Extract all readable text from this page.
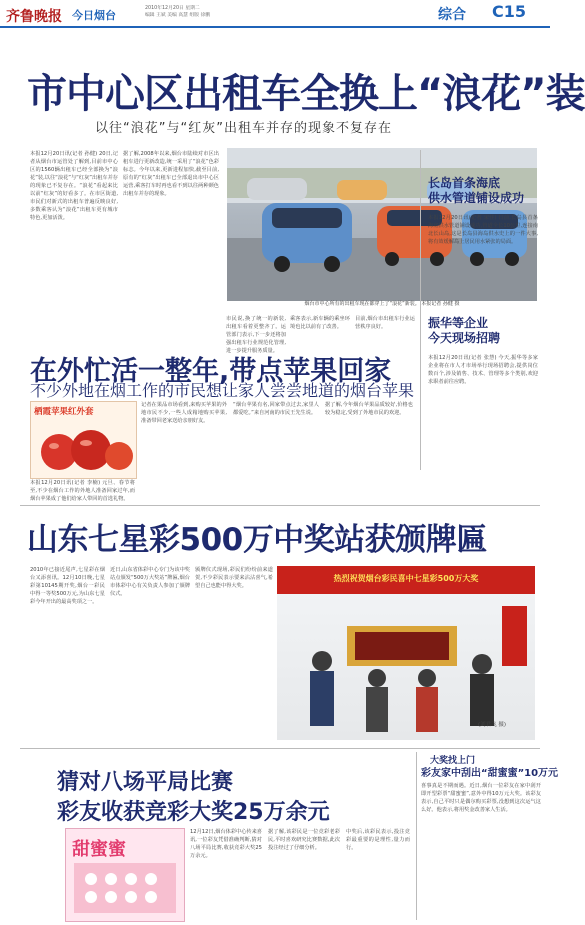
齐鲁晚报 今日烟台
2010年12月20日 星期二
编辑 王斌 美编 高慧 组版 徐鹏	综合 C15
市中心区出租车全换上“浪花”装
以往“浪花”与“红灰”出租车并存的现象不复存在
本报12月20日讯(记者 孙健) 20日,记者从烟台市运管处了解到,目前市中心区的1560辆出租车已经全部换为“浪花”装,以往“浪花”与“红灰”出租车并存的现象已不复存在。“浪花”看起来比以前“红灰”的好看多了。在市区街道,市民们对新式的出租车普遍反映良好,多数乘客认为“浪花”出租车更有城市特色,更加活泼。
据了解,2008年以来,烟台市陆续对市区出租车进行更新改造,统一采用了“浪花”色彩标志。今年以来,更新进程加快,截至目前,原有的“红灰”出租车已全部退出市中心区运营,乘客打车时再也看不到以往两种颜色出租车并存的现象。
烟台市中心所有的出租车现在都穿上了“浪花”新装。 本报记者 孙健 摄
市民说,换了统一的新装,出租车看着更整齐了。运管部门表示,下一步还将加强出租车行业规范化管理,进一步提升服务质量。
乘客表示,新车辆的乘坐环境也比以前有了改善。
目前,烟台市出租车行业运营秩序良好。
长岛首条海底
供水管道铺设成功
本报12月20日讯(记者 宋佳) 日前,长岛县首条海底供水管道铺设成功,管道全长10公里,连接南北长山岛,这是长岛县海岛供水史上的一件大事,将有效缓解岛上居民用水紧张的局面。
振华等企业
今天现场招聘
本报12月20日讯(记者 张慧) 今天,振华等多家企业将在市人才市场举行现场招聘会,提供岗位数百个,涉及销售、技术、管理等多个类别,欢迎求职者前往应聘。
在外忙活一整年,带点苹果回家
不少外地在烟工作的市民想让家人尝尝地道的烟台苹果
栖霞苹果红外套
本报12月20日讯(记者 李楠) 元旦、春节将至,不少在烟台工作的外地人准备回家过年,而烟台苹果成了他们给家人带回的首选礼物。
记者在果品市场看到,来购买苹果的外地市民不少,一些人成箱地购买苹果,准备带回老家送给亲朋好友。
“烟台苹果有名,回家带点过去,家里人都爱吃。”来自河南的市民王先生说。
据了解,今年烟台苹果品质较好,价格也较为稳定,受到了外地市民的欢迎。
山东七星彩500万中奖站获颁牌匾
2010年已接近尾声,七星彩在烟台又添喜讯。12月10日晚,七星彩第10145期开奖,烟台一彩民中得一等奖500万元,为山东七星彩今年开出的最高奖项之一。
近日,山东省体彩中心专门为该中奖站点颁发“500万大奖站”牌匾,烟台市体彩中心有关负责人参加了颁牌仪式。
颁牌仪式现场,彩民们纷纷前来道贺,不少彩民表示要来沾沾喜气,希望自己也能中得大奖。
热烈祝贺烟台彩民喜中七星彩500万大奖
(刘君飞 摄)
猜对八场平局比赛
彩友收获竞彩大奖25万余元
甜蜜蜜
12月12日,烟台体彩中心传来喜讯,一位彩友凭借准确判断,猜对八场平局比赛,收获竞彩大奖25万余元。
据了解,该彩民是一位竞彩老彩民,平时喜欢研究比赛数据,此次投注经过了仔细分析。
中奖后,该彩民表示,投注竞彩最重要的是理性,量力而行。
大奖找上门
彩友家中刮出“甜蜜蜜”10万元
喜事真是不期而遇。近日,烟台一位彩友在家中刮开即开型彩票“甜蜜蜜”,意外中得10万元大奖。该彩友表示,自己平时只是偶尔购买彩票,没想到这次运气这么好。他表示,将用奖金改善家人生活。
